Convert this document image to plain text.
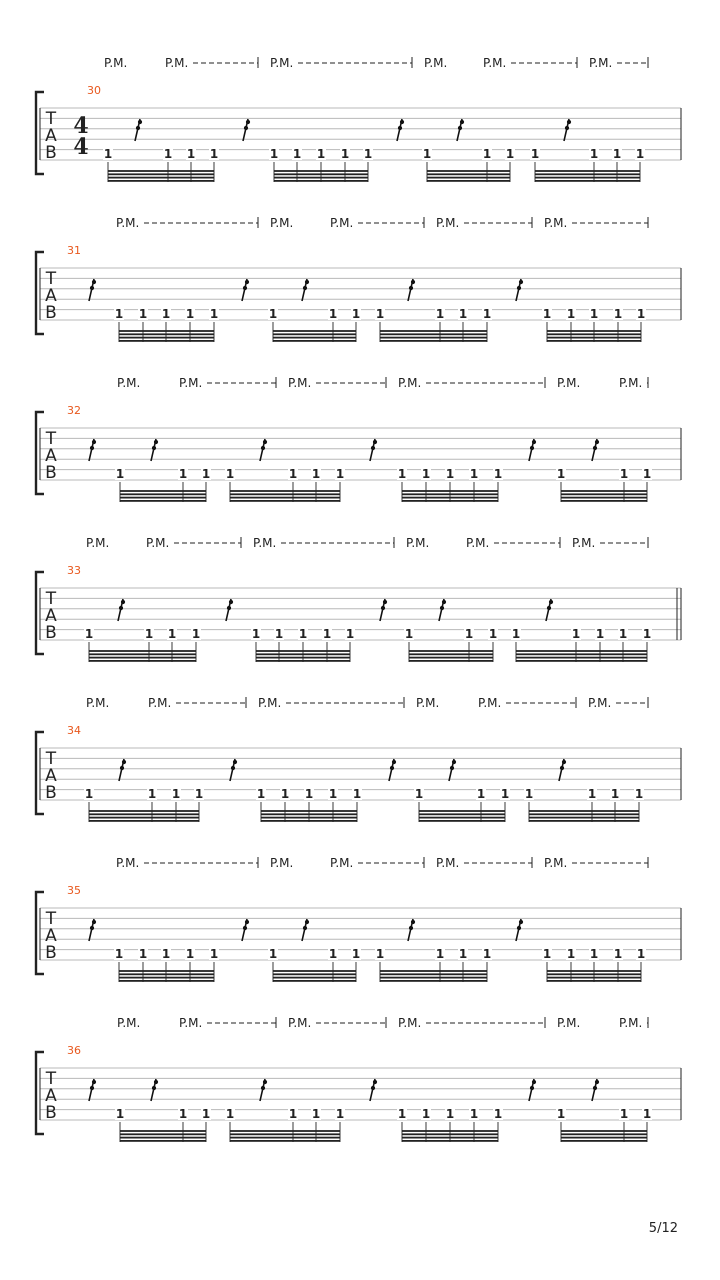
P.M.	P.M.	P.M.	P.M.	P.M.	P.M.
30
T
A
B
4
4 1	1 1 1	1 1 1 1 1	1	1 1 1	1 1 1
P.M.	P.M.	P.M.	P.M.	P.M.
31
T
A
B	1 1 1 1 1	1	1 1 1	1 1 1	1 1 1 1 1
P.M.	P.M.	P.M.	P.M.	P.M.	P.M.
32
T
A
B	1	1 1 1	1 1 1	1 1 1 1 1	1	1 1
P.M.	P.M.	P.M.	P.M.	P.M.	P.M.
33
T
A
B 1	1 1 1	1 1 1 1 1	1	1 1 1	1 1 1 1
P.M.	P.M.	P.M.	P.M.	P.M.	P.M.
34
T
A
B 1	1 1 1	1 1 1 1 1	1	1 1 1	1 1 1
P.M.	P.M.	P.M.	P.M.	P.M.
35
T
A
B	1 1 1 1 1	1	1 1 1	1 1 1	1 1 1 1 1
P.M.	P.M.	P.M.	P.M.	P.M.	P.M.
36
T
A
B	1	1 1 1	1 1 1	1 1 1 1 1	1	1 1
5/12
